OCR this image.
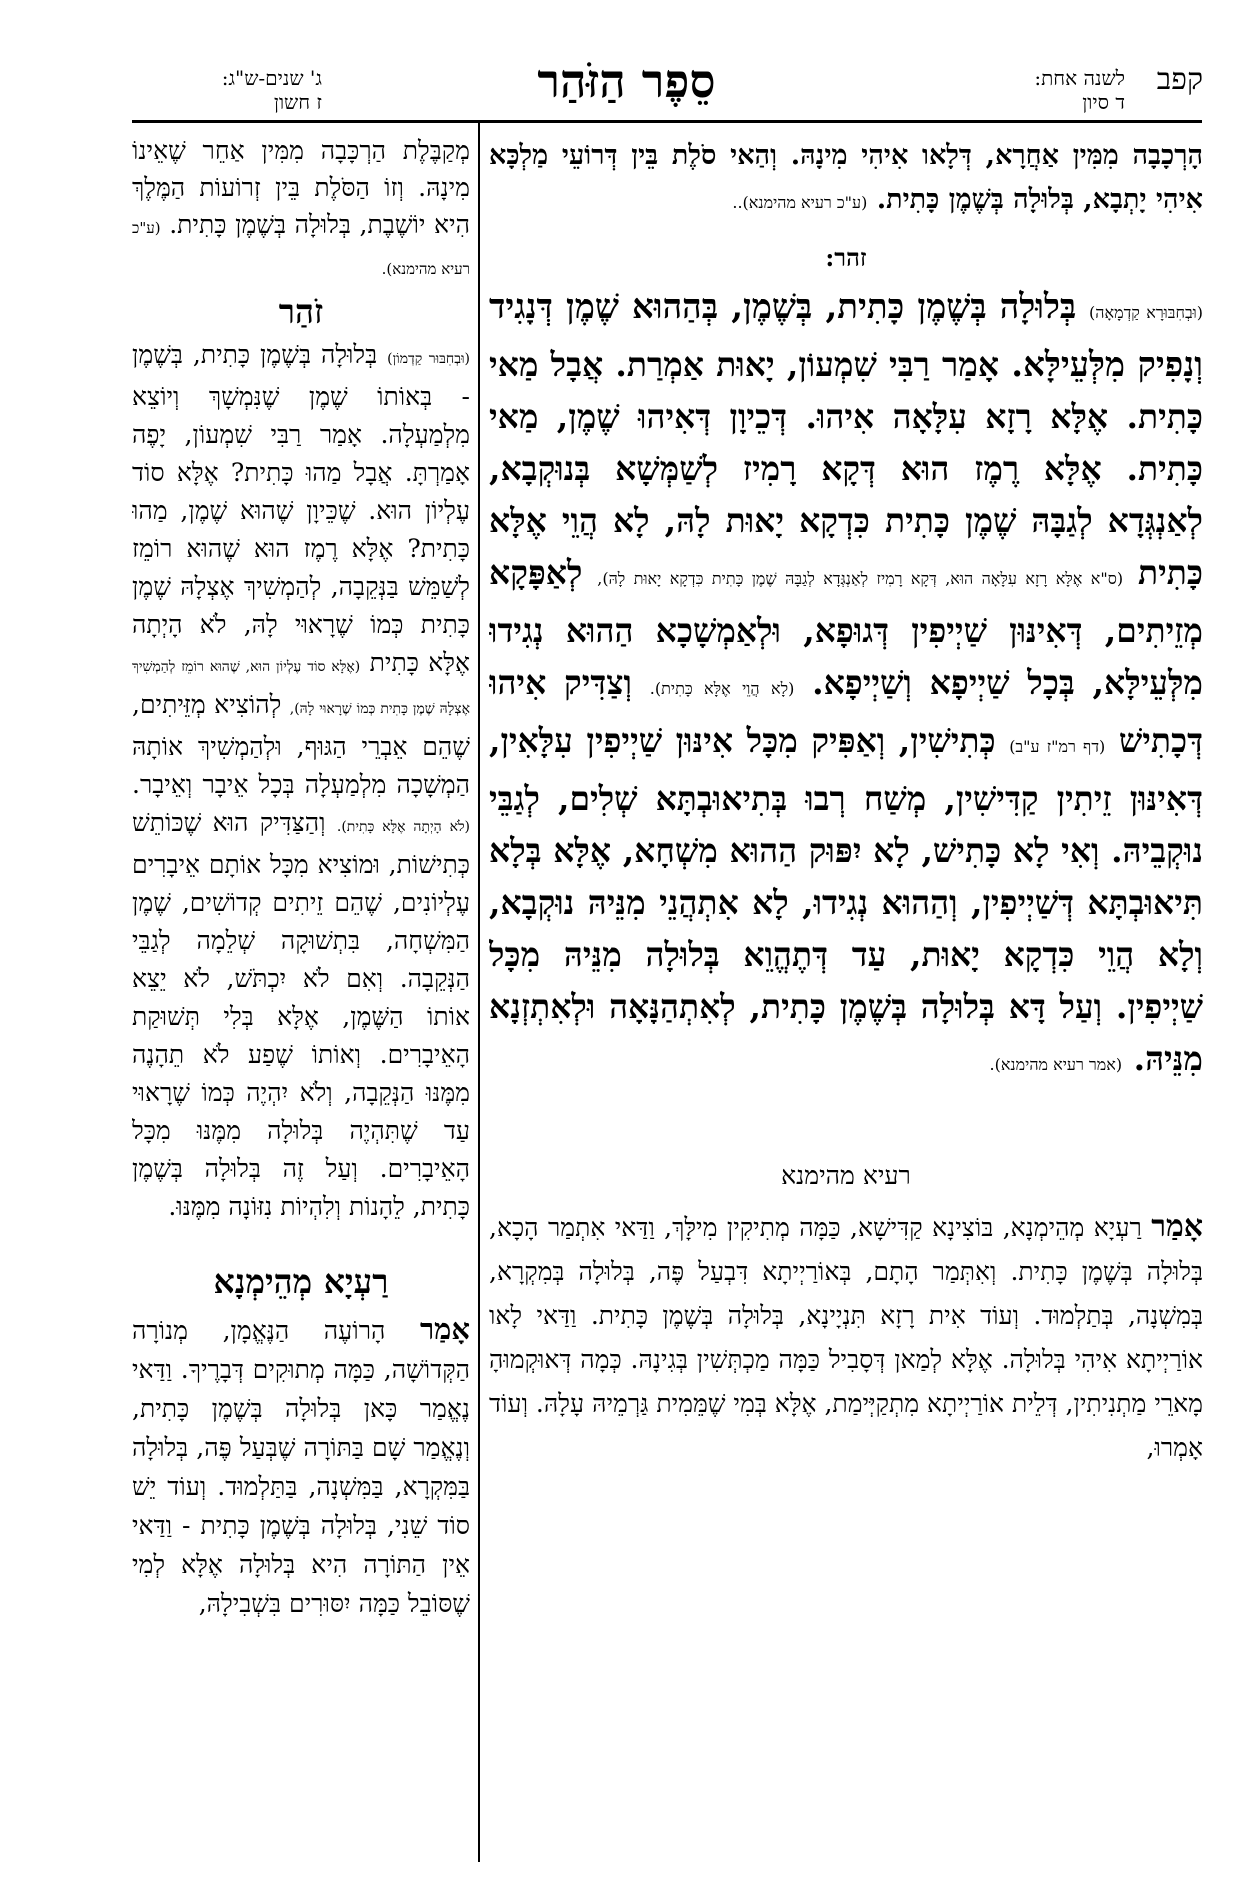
קפב
לשנה אחת:
ד סיון
סֵפֶר הַזֹּהַר
ג' שנים-ש"ג:
ז חשון

הָרְכָבָה מִמִּין אַחֲרָא, דְּלָאו אִיהִי מִינָהּ. וְהַאי סֹלֶת בֵּין דְּרוֹעֵי מַלְכָּא אִיהִי יָתְבָא, בְּלוּלָה בְּשֶׁמֶן כָּתִית. (ע"כ רעיא מהימנא)..

זהר:

(וּבְחִבּוּרָא קַדְמָאָה) בְּלוּלָה בְּשֶׁמֶן כָּתִית, בְּשֶׁמֶן, בְּהַהוּא שֶׁמֶן דְּנָגִיד וְנָפִיק מִלְּעֵילָּא. אָמַר רַבִּי שִׁמְעוֹן, יָאוּת אַמְרַת. אֲבָל מַאי כָּתִית. אֶלָּא רָזָא עִלָּאָה אִיהוּ. דְּכֵיוָן דְּאִיהוּ שֶׁמֶן, מַאי כָּתִית. אֶלָּא רֶמֶז הוּא דְּקָא רָמִיז לְשַׁמְּשָׁא בְּנוּקְבָא, לְאַנְגְּדָא לְגַבָּהּ שֶׁמֶן כָּתִית כִּדְקָא יָאוּת לָהּ, לָא הֲוֵי אֶלָּא כָּתִית (ס"א אֶלָּא רָזָא עִלָּאָה הוּא, דְּקָא רָמִיז לְאַנְגְּדָא לְגַבָּהּ שֶׁמֶן כָּתִית כִּדְקָא יָאוּת לָהּ), לְאַפָּקָא מְזֵיתִים, דְּאִינּוּן שַׁיְיפִין דְּגוּפָא, וּלְאַמְשָׁכָא הַהוּא נְגִידוּ מִלְּעֵילָּא, בְּכָל שַׁיְיפָא וְשַׁיְיפָא. (לָא הֲוֵי אֶלָּא כָּתִית). וְצַדִּיק אִיהוּ דְּכָתִישׁ (דף רמ"ז ע"ב) כְּתִישִׁין, וְאַפִּיק מִכָּל אִינּוּן שַׁיְיפִין עִלָּאִין, דְּאִינּוּן זֵיתִין קַדִּישִׁין, מְשַׁח רְבוּ בְּתִיאוּבְתָּא שְׁלִים, לְגַבֵּי נוּקְבֵיהּ. וְאִי לָא כָּתִישׁ, לָא יִפּוּק הַהוּא מִשְׁחָא, אֶלָּא בְּלָא תִּיאוּבְתָּא דְּשַׁיְיפִין, וְהַהוּא נְגִידוּ, לָא אִתְהֲנֵי מִנֵּיהּ נוּקְבָא, וְלָא הֲוֵי כִּדְקָא יָאוּת, עַד דְּתֶהֱוֵא בְּלוּלָה מִנֵּיהּ מִכָּל שַׁיְיפִין. וְעַל דָּא בְּלוּלָה בְּשֶׁמֶן כָּתִית, לְאִתְהַנָּאָה וּלְאִתְזְנָא מִנֵּיהּ. (אמר רעיא מהימנא).

רעיא מהימנא

אָמַר רַעְיָא מְהֵימְנָא, בּוֹצִינָא קַדִּישָׁא, כַּמָּה מְתִיקִין מִילָּךְ, וַדַּאי אִתְמַר הָכָא, בְּלוּלָה בְּשֶׁמֶן כָּתִית. וְאִתְּמַר הָתָם, בְּאוֹרַיְיתָא דִּבְעַל פֶּה, בְּלוּלָה בְּמִקְרָא, בְּמִשְׁנָה, בְּתַלְמוּד. וְעוֹד אִית רָזָא תִּנְיָינָא, בְּלוּלָה בְּשֶׁמֶן כָּתִית. וַדַּאי לָאו אוֹרַיְיתָא אִיהִי בְּלוּלָה. אֶלָּא לְמַאן דְּסָבִיל כַּמָּה מַכְתְּשִׁין בְּגִינָהּ. כְּמָה דְּאוּקְמוּהָ מָארֵי מַתְנִיתִין, דְּלֵית אוֹרַיְיתָא מִתְקַיְּימַת, אֶלָּא בְּמִי שֶׁמֵּמִית גַּרְמֵיהּ עָלָהּ. וְעוֹד אָמְרוּ,

מְקַבֶּלֶת הַרְכָּבָה מִמִּין אַחֵר שֶׁאֵינוֹ מִינָהּ. וְזוֹ הַסֹּלֶת בֵּין זְרוֹעוֹת הַמֶּלֶךְ הִיא יוֹשֶׁבֶת, בְּלוּלָה בְּשֶׁמֶן כָּתִית. (ע"כ רעיא מהימנא).

זֹהַר

(וּבְחִבּוּר קַדְמוֹן) בְּלוּלָה בְּשֶׁמֶן כָּתִית, בְּשֶׁמֶן - בְּאוֹתוֹ שֶׁמֶן שֶׁנִּמְשָׁךְ וְיוֹצֵא מִלְמַעְלָה. אָמַר רַבִּי שִׁמְעוֹן, יָפֶה אָמַרְתָּ. אֲבָל מַהוּ כָּתִית? אֶלָּא סוֹד עֶלְיוֹן הוּא. שֶׁכֵּיוָן שֶׁהוּא שֶׁמֶן, מַהוּ כָּתִית? אֶלָּא רֶמֶז הוּא שֶׁהוּא רוֹמֵז לְשַׁמֵּשׁ בַּנְּקֵבָה, לְהַמְשִׁיךְ אֶצְלָהּ שֶׁמֶן כָּתִית כְּמוֹ שֶׁרָאוּי לָהּ, לֹא הָיְתָה אֶלָּא כָּתִית (אֶלָּא סוֹד עֶלְיוֹן הוּא, שֶׁהוּא רוֹמֵז לְהַמְשִׁיךְ אֶצְלָהּ שֶׁמֶן כָּתִית כְּמוֹ שֶׁרָאוּי לָהּ), לְהוֹצִיא מְזֵּיתִים, שֶׁהֵם אֵבְרֵי הַגּוּף, וּלְהַמְשִׁיךְ אוֹתָהּ הַמְשָׁכָה מִלְמַעְלָה בְּכָל אֵיבָר וְאֵיבָר. (לֹא הָיְתָה אֶלָּא כָּתִית). וְהַצַּדִּיק הוּא שֶׁכּוֹתֵשׁ כְּתִישׁוֹת, וּמוֹצִיא מִכָּל אוֹתָם אֵיבָרִים עֶלְיוֹנִים, שֶׁהֵם זֵיתִים קְדוֹשִׁים, שֶׁמֶן הַמִּשְׁחָה, בִּתְשׁוּקָה שְׁלֵמָה לְגַבֵּי הַנְּקֵבָה. וְאִם לֹא יִכְתֹּשׁ, לֹא יֵצֵא אוֹתוֹ הַשֶּׁמֶן, אֶלָּא בְּלִי תְּשׁוּקַת הָאֵיבָרִים. וְאוֹתוֹ שֶׁפַע לֹא תֵהָנֶה מִמֶּנּוּ הַנְּקֵבָה, וְלֹא יִהְיֶה כְּמוֹ שֶׁרָאוּי עַד שֶׁתִּהְיֶה בְּלוּלָה מִמֶּנּוּ מִכָּל הָאֵיבָרִים. וְעַל זֶה בְּלוּלָה בְּשֶׁמֶן כָּתִית, לֵהָנוֹת וְלִהְיוֹת נִזּוֹנָה מִמֶּנּוּ.

רַעְיָא מְהֵימְנָא

אָמַר הָרוֹעֶה הַנֶּאֱמָן, מְנוֹרָה הַקְּדוֹשָׁה, כַּמָּה מְתוּקִים דְּבָרֶיךָ. וַדַּאי נֶאֱמַר כָּאן בְּלוּלָה בְּשֶׁמֶן כָּתִית, וְנֶאֱמַר שָׁם בַּתּוֹרָה שֶׁבְּעַל פֶּה, בְּלוּלָה בַּמִּקְרָא, בַּמִּשְׁנָה, בַּתַּלְמוּד. וְעוֹד יֵשׁ סוֹד שֵׁנִי, בְּלוּלָה בְּשֶׁמֶן כָּתִית - וַדַּאי אֵין הַתּוֹרָה הִיא בְּלוּלָה אֶלָּא לְמִי שֶׁסּוֹבֵל כַּמָּה יִסּוּרִים בִּשְׁבִילָהּ,
